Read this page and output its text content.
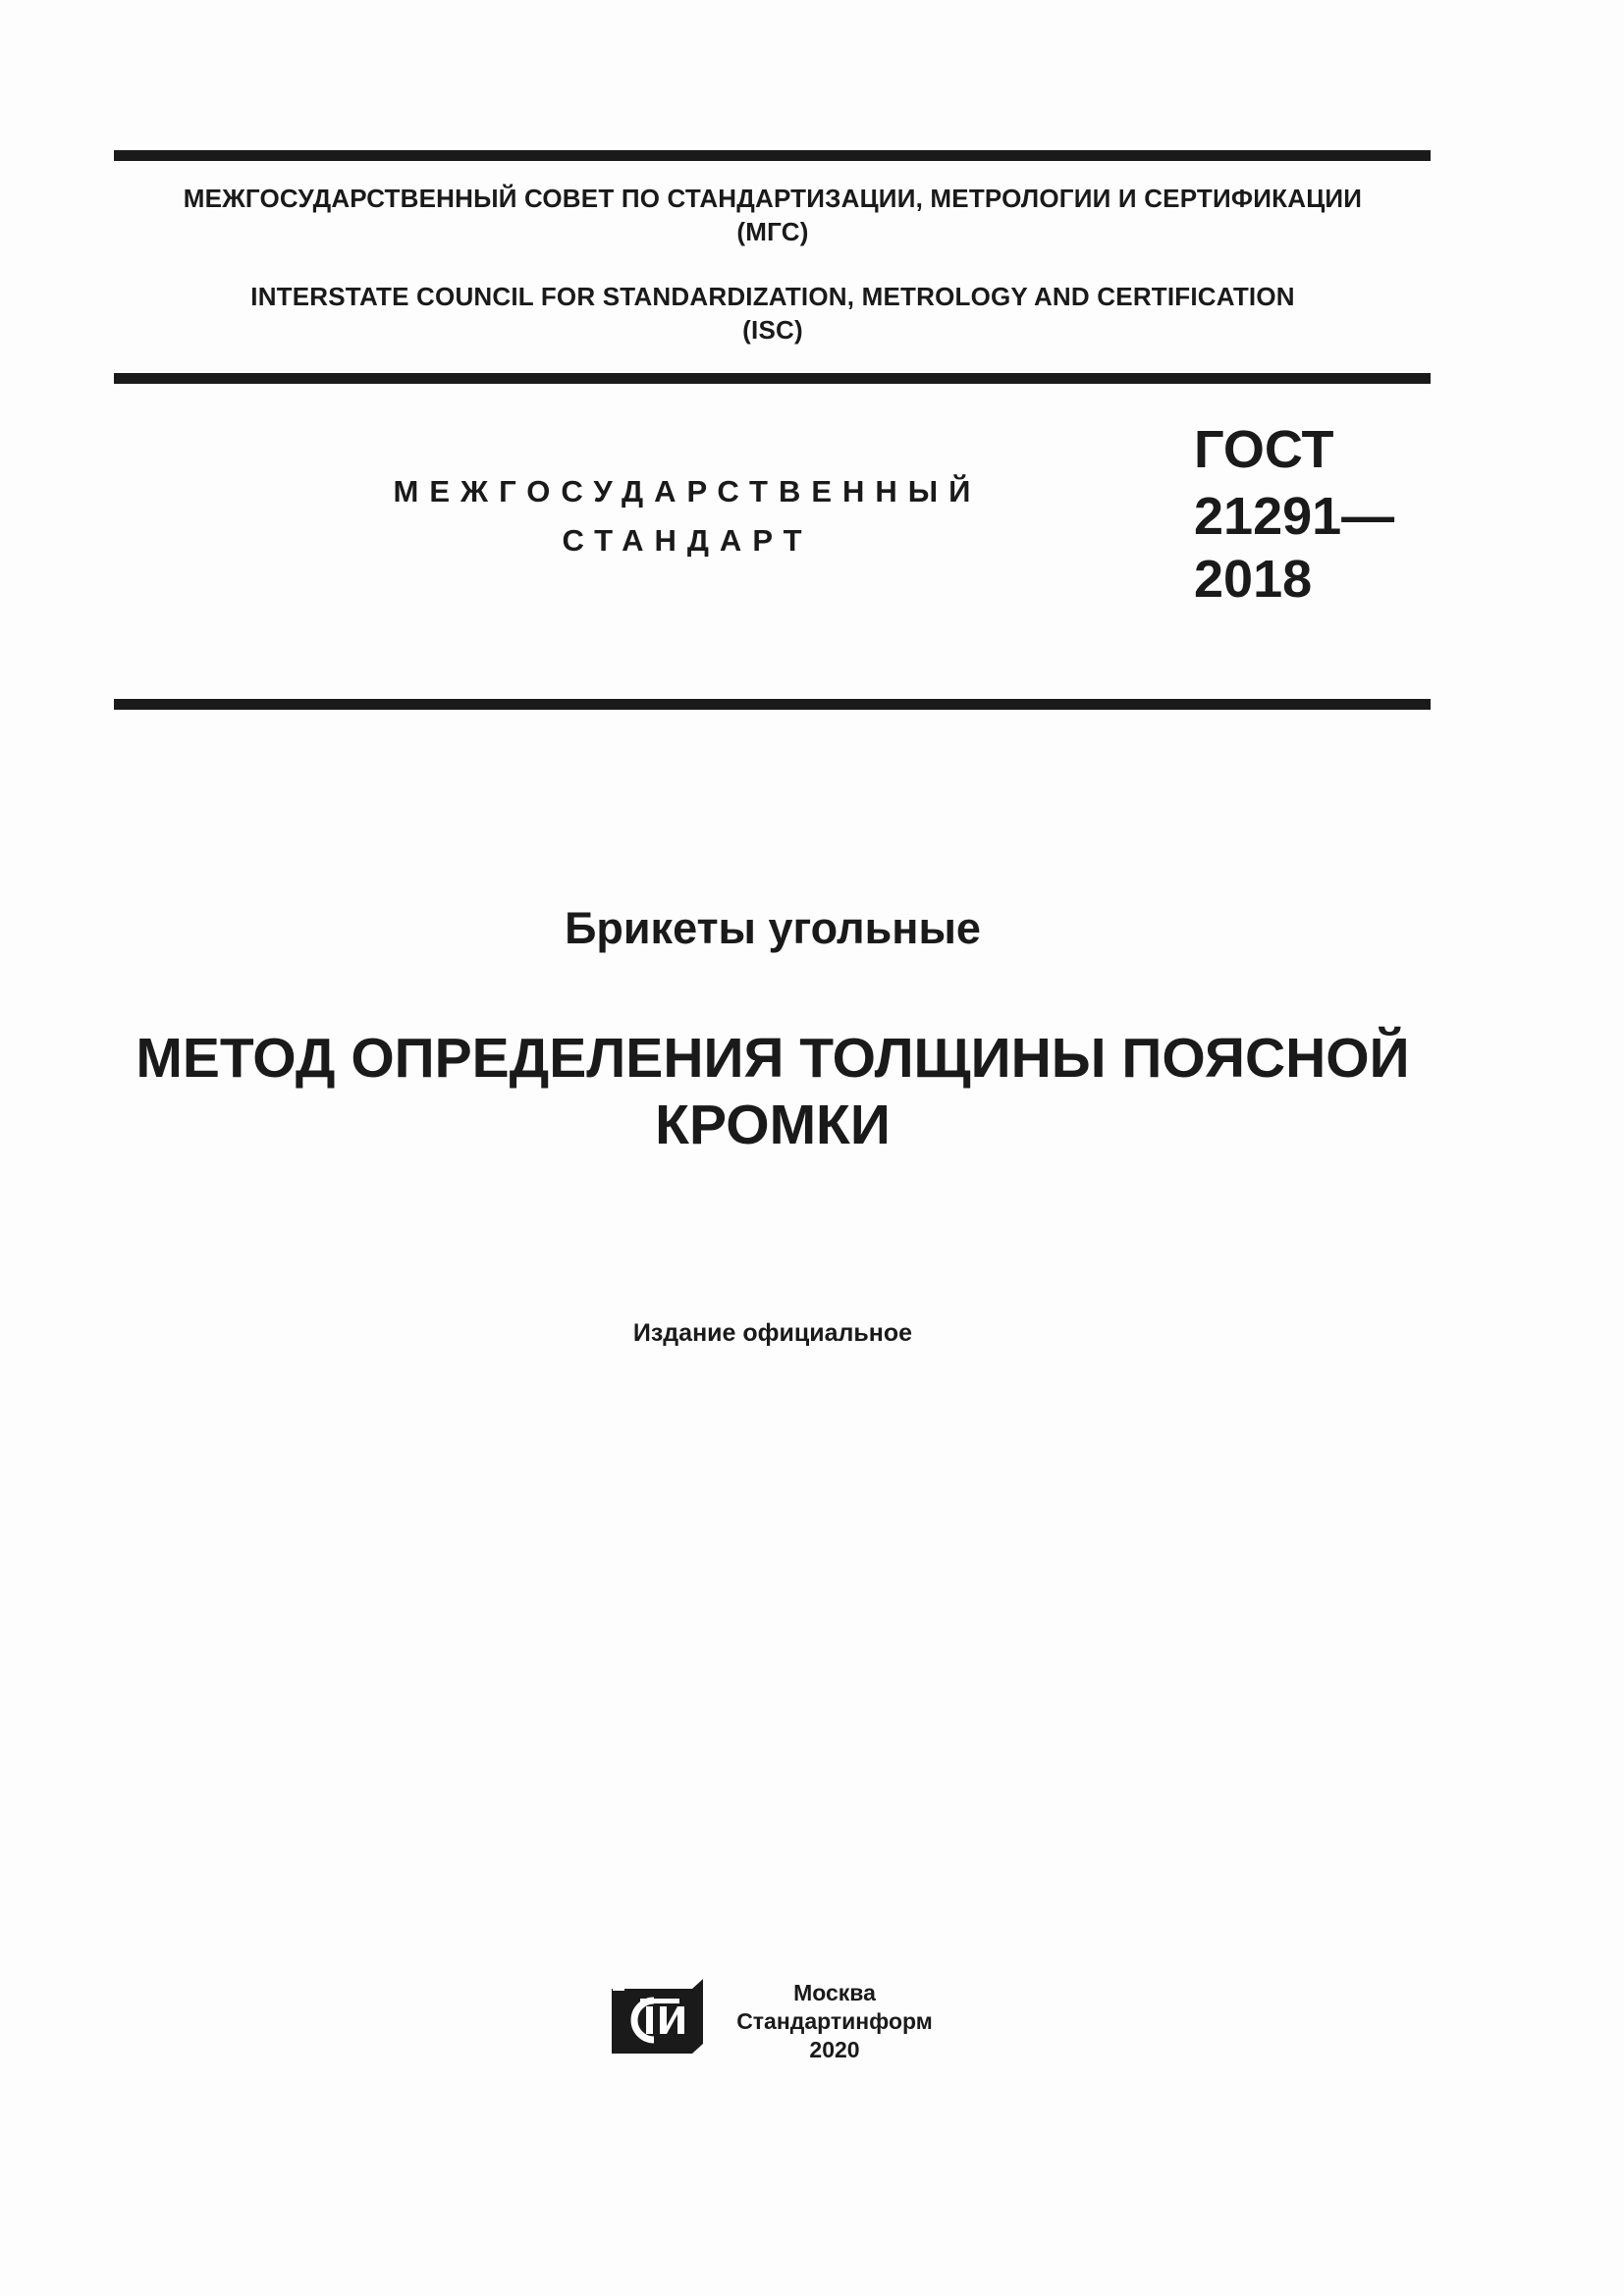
МЕЖГОСУДАРСТВЕННЫЙ СОВЕТ ПО СТАНДАРТИЗАЦИИ, МЕТРОЛОГИИ И СЕРТИФИКАЦИИ
(МГС)
INTERSTATE COUNCIL FOR STANDARDIZATION, METROLOGY AND CERTIFICATION
(ISC)
МЕЖГОСУДАРСТВЕННЫЙ
СТАНДАРТ
ГОСТ
21291—
2018
Брикеты угольные
МЕТОД ОПРЕДЕЛЕНИЯ ТОЛЩИНЫ ПОЯСНОЙ
КРОМКИ
Издание официальное
Москва
Стандартинформ
2020
